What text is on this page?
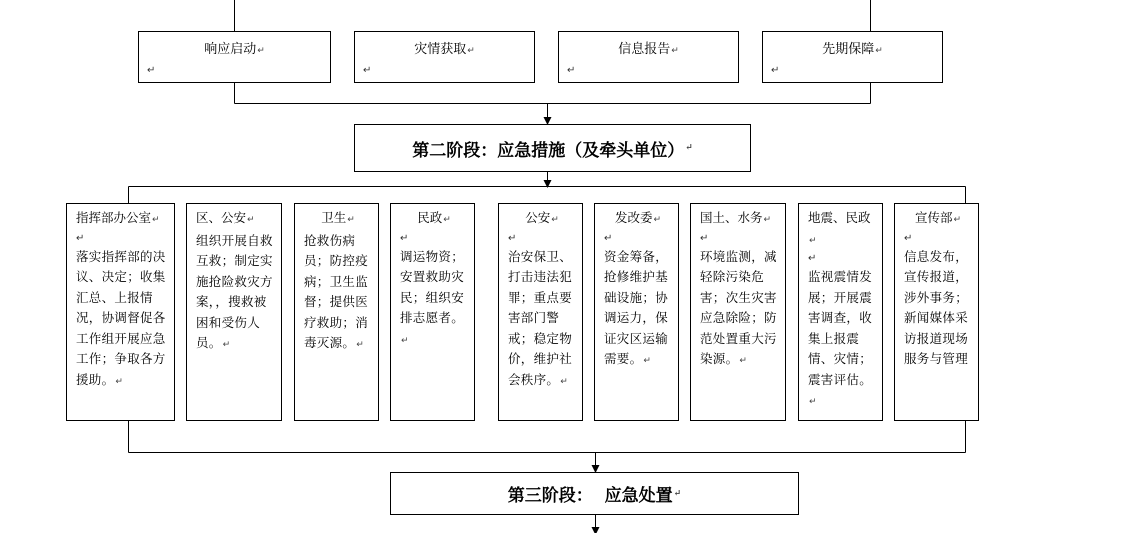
响应启动↵
↵
灾情获取↵
↵
信息报告↵
↵
先期保障↵
↵
第二阶段：应急措施（及牵头单位） ↵
指挥部办公室↵
↵
落实指挥部的决议、决定；收集汇总、上报情况，协调督促各工作组开展应急工作；争取各方援助。↵
区、公安↵
组织开展自救互救；制定实施抢险救灾方案，，搜救被困和受伤人员。↵
卫生↵
抢救伤病员；防控疫病；卫生监督；提供医疗救助；消毒灭源。↵
民政↵
↵
调运物资；安置救助灾民；组织安排志愿者。↵
公安↵
↵
治安保卫、打击违法犯罪；重点要害部门警戒；稳定物价，维护社会秩序。↵
发改委↵
↵
资金筹备，抢修维护基础设施；协调运力，保证灾区运输需要。↵
国土、水务↵
↵
环境监测，减轻除污染危害；次生灾害应急除险；防范处置重大污染源。↵
地震、民政↵
↵
监视震情发展；开展震害调查，收集上报震情、灾情；震害评估。↵
宣传部↵
↵
信息发布，宣传报道，涉外事务；新闻媒体采访报道现场服务与管理
第三阶段：  应急处置 ↵
